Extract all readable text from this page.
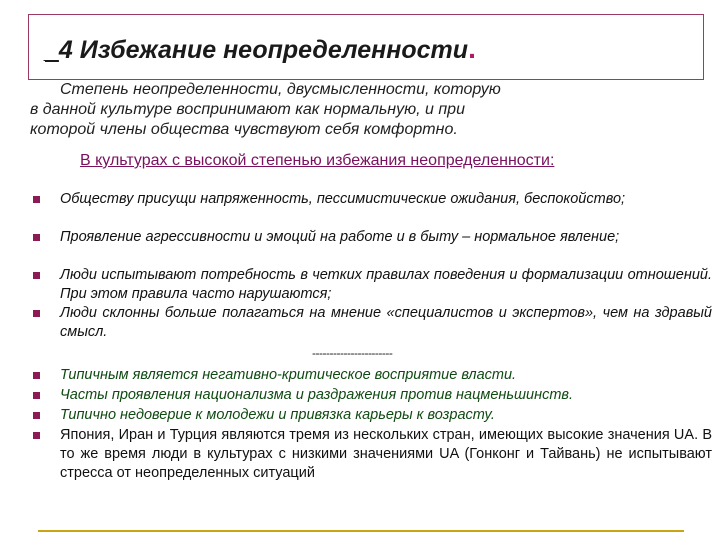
_4 Избежание неопределенности.
Степень неопределенности, двусмысленности, которую
в данной культуре воспринимают как нормальную, и при
которой члены общества чувствуют себя комфортно.
В культурах с высокой степенью избежания неопределенности:
Обществу присущи напряженность, пессимистические ожидания, беспокойство;
Проявление агрессивности и эмоций на работе и в быту – нормальное явление;
Люди испытывают потребность в четких правилах поведения и формализации отношений. При этом правила часто нарушаются;
Люди склонны больше полагаться на мнение «специалистов и экспертов», чем на здравый смысл.
-----------------------
Типичным является негативно-критическое восприятие власти.
Часты проявления национализма и раздражения против нацменьшинств.
Типично недоверие к молодежи и привязка карьеры к возрасту.
Япония, Иран и Турция являются тремя из нескольких стран, имеющих высокие значения UA. В то же время люди в культурах с низкими значениями UA (Гонконг и Тайвань) не испытывают стресса от неопределенных ситуаций
